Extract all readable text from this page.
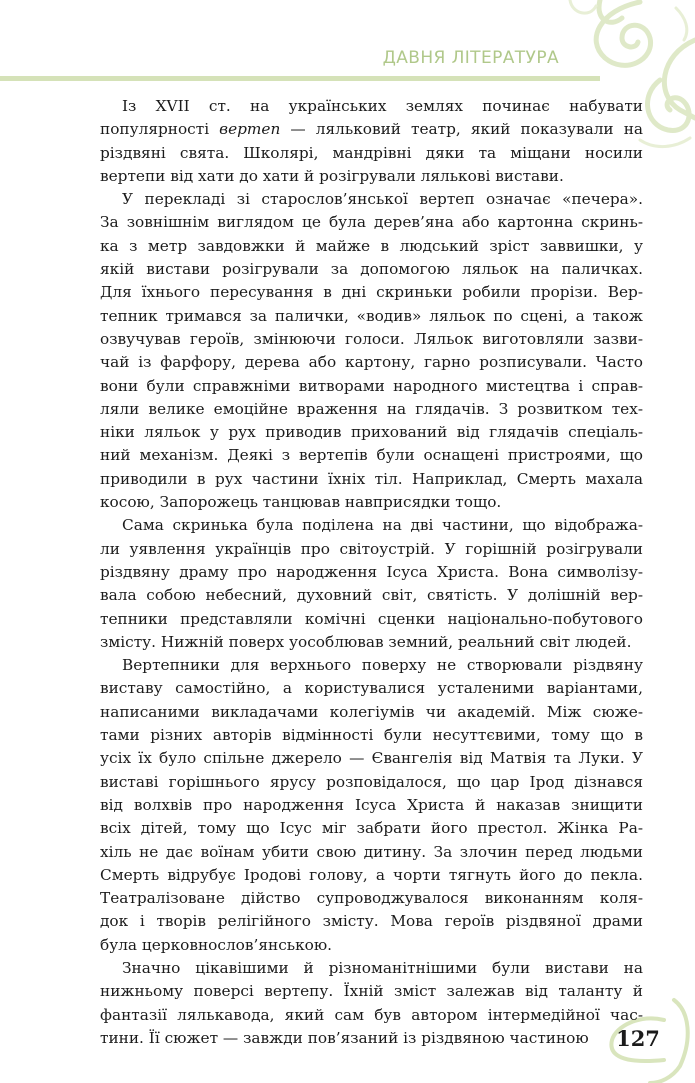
ДАВНЯ ЛІТЕРАТУРА
Із XVII ст. на українських землях починає набувати
популярності вертеп — ляльковий театр, який показували на
різдвяні свята. Школярі, мандрівні дяки та міщани носили
вертепи від хати до хати й розігрували лялькові вистави.
У перекладі зі старослов’янської вертеп означає «печера».
За зовнішнім виглядом це була дерев’яна або картонна скринь-
ка з метр завдовжки й майже в людський зріст заввишки, у
якій вистави розігрували за допомогою ляльок на паличках.
Для їхнього пересування в дні скриньки робили прорізи. Вер-
тепник тримався за палички, «водив» ляльок по сцені, а також
озвучував героїв, змінюючи голоси. Ляльок виготовляли зазви-
чай із фарфору, дерева або картону, гарно розписували. Часто
вони були справжніми витворами народного мистецтва і справ-
ляли велике емоційне враження на глядачів. З розвитком тех-
ніки ляльок у рух приводив прихований від глядачів спеціаль-
ний механізм. Деякі з вертепів були оснащені пристроями, що
приводили в рух частини їхніх тіл. Наприклад, Смерть махала
косою, Запорожець танцював навприсядки тощо.
Сама скринька була поділена на дві частини, що відобража-
ли уявлення українців про світоустрій. У горішній розігрували
різдвяну драму про народження Ісуса Христа. Вона символізу-
вала собою небесний, духовний світ, святість. У долішній вер-
тепники представляли комічні сценки національно-побутового
змісту. Нижній поверх уособлював земний, реальний світ людей.
Вертепники для верхнього поверху не створювали різдвяну
виставу самостійно, а користувалися усталеними варіантами,
написаними викладачами колегіумів чи академій. Між сюже-
тами різних авторів відмінності були несуттєвими, тому що в
усіх їх було спільне джерело — Євангелія від Матвія та Луки. У
виставі горішнього ярусу розповідалося, що цар Ірод дізнався
від волхвів про народження Ісуса Христа й наказав знищити
всіх дітей, тому що Ісус міг забрати його престол. Жінка Ра-
хіль не дає воїнам убити свою дитину. За злочин перед людьми
Смерть відрубує Іродові голову, а чорти тягнуть його до пекла.
Театралізоване дійство супроводжувалося виконанням коля-
док і творів релігійного змісту. Мова героїв різдвяної драми
була церковнослов’янською.
Значно цікавішими й різноманітнішими були вистави на
нижньому поверсі вертепу. Їхній зміст залежав від таланту й
фантазії лялькавода, який сам був автором інтермедійної час-
тини. Її сюжет — завжди пов’язаний із різдвяною частиною	127
